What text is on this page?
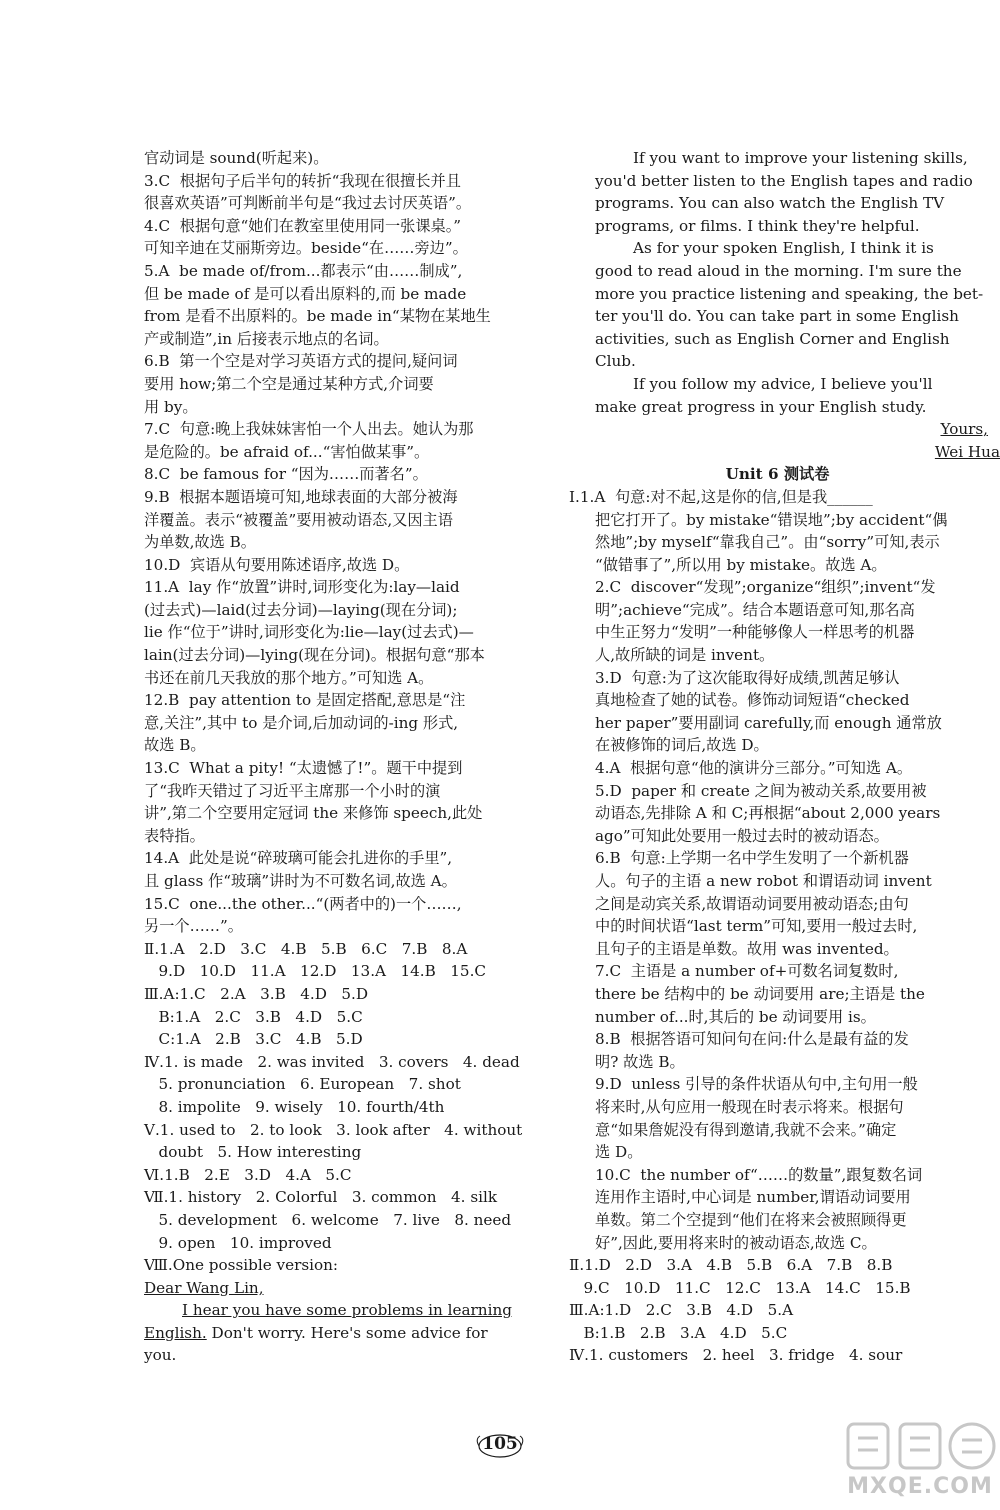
官动词是 sound(听起来)。
3.C  根据句子后半句的转折“我现在很擅长并且
很喜欢英语”可判断前半句是“我过去讨厌英语”。
4.C  根据句意“她们在教室里使用同一张课桌。”
可知辛迪在艾丽斯旁边。beside“在……旁边”。
5.A  be made of/from...都表示“由……制成”,
但 be made of 是可以看出原料的,而 be made
from 是看不出原料的。be made in“某物在某地生
产或制造”,in 后接表示地点的名词。
6.B  第一个空是对学习英语方式的提问,疑问词
要用 how;第二个空是通过某种方式,介词要
用 by。
7.C  句意:晚上我妹妹害怕一个人出去。她认为那
是危险的。be afraid of...“害怕做某事”。
8.C  be famous for “因为……而著名”。
9.B  根据本题语境可知,地球表面的大部分被海
洋覆盖。表示“被覆盖”要用被动语态,又因主语
为单数,故选 B。
10.D  宾语从句要用陈述语序,故选 D。
11.A  lay 作“放置”讲时,词形变化为:lay—laid
(过去式)—laid(过去分词)—laying(现在分词);
lie 作“位于”讲时,词形变化为:lie—lay(过去式)—
lain(过去分词)—lying(现在分词)。根据句意“那本
书还在前几天我放的那个地方。”可知选 A。
12.B  pay attention to 是固定搭配,意思是“注
意,关注”,其中 to 是介词,后加动词的-ing 形式,
故选 B。
13.C  What a pity! “太遗憾了!”。题干中提到
了“我昨天错过了习近平主席那一个小时的演
讲”,第二个空要用定冠词 the 来修饰 speech,此处
表特指。
14.A  此处是说“碎玻璃可能会扎进你的手里”,
且 glass 作“玻璃”讲时为不可数名词,故选 A。
15.C  one...the other...“(两者中的)一个……,
另一个……”。
Ⅱ.1.A   2.D   3.C   4.B   5.B   6.C   7.B   8.A
9.D   10.D   11.A   12.D   13.A   14.B   15.C
Ⅲ.A:1.C   2.A   3.B   4.D   5.D
B:1.A   2.C   3.B   4.D   5.C
C:1.A   2.B   3.C   4.B   5.D
Ⅳ.1. is made   2. was invited   3. covers   4. dead
5. pronunciation   6. European   7. shot
8. impolite   9. wisely   10. fourth/4th
Ⅴ.1. used to   2. to look   3. look after   4. without
doubt   5. How interesting
Ⅵ.1.B   2.E   3.D   4.A   5.C
Ⅶ.1. history   2. Colorful   3. common   4. silk
5. development   6. welcome   7. live   8. need
9. open   10. improved
Ⅷ.One possible version:
Dear Wang Lin,
I hear you have some problems in learning
English. Don't worry. Here's some advice for
you.
If you want to improve your listening skills,
you'd better listen to the English tapes and radio
programs. You can also watch the English TV
programs, or films. I think they're helpful.
As for your spoken English, I think it is
good to read aloud in the morning. I'm sure the
more you practice listening and speaking, the bet-
ter you'll do. You can take part in some English
activities, such as English Corner and English
Club.
If you follow my advice, I believe you'll
make great progress in your English study.
Yours,
Wei Hua
Unit 6 测试卷
Ⅰ.1.A  句意:对不起,这是你的信,但是我______
把它打开了。by mistake“错误地”;by accident“偶
然地”;by myself“靠我自己”。由“sorry”可知,表示
“做错事了”,所以用 by mistake。故选 A。
2.C  discover“发现”;organize“组织”;invent“发
明”;achieve“完成”。结合本题语意可知,那名高
中生正努力“发明”一种能够像人一样思考的机器
人,故所缺的词是 invent。
3.D  句意:为了这次能取得好成绩,凯茜足够认
真地检查了她的试卷。修饰动词短语“checked
her paper”要用副词 carefully,而 enough 通常放
在被修饰的词后,故选 D。
4.A  根据句意“他的演讲分三部分。”可知选 A。
5.D  paper 和 create 之间为被动关系,故要用被
动语态,先排除 A 和 C;再根据“about 2,000 years
ago”可知此处要用一般过去时的被动语态。
6.B  句意:上学期一名中学生发明了一个新机器
人。句子的主语 a new robot 和谓语动词 invent
之间是动宾关系,故谓语动词要用被动语态;由句
中的时间状语“last term”可知,要用一般过去时,
且句子的主语是单数。故用 was invented。
7.C  主语是 a number of+可数名词复数时,
there be 结构中的 be 动词要用 are;主语是 the
number of...时,其后的 be 动词要用 is。
8.B  根据答语可知问句在问:什么是最有益的发
明? 故选 B。
9.D  unless 引导的条件状语从句中,主句用一般
将来时,从句应用一般现在时表示将来。根据句
意“如果詹妮没有得到邀请,我就不会来。”确定
选 D。
10.C  the number of“……的数量”,跟复数名词
连用作主语时,中心词是 number,谓语动词要用
单数。第二个空提到“他们在将来会被照顾得更
好”,因此,要用将来时的被动语态,故选 C。
Ⅱ.1.D   2.D   3.A   4.B   5.B   6.A   7.B   8.B
9.C   10.D   11.C   12.C   13.A   14.C   15.B
Ⅲ.A:1.D   2.C   3.B   4.D   5.A
B:1.B   2.B   3.A   4.D   5.C
Ⅳ.1. customers   2. heel   3. fridge   4. sour
105
MXQE.COM
